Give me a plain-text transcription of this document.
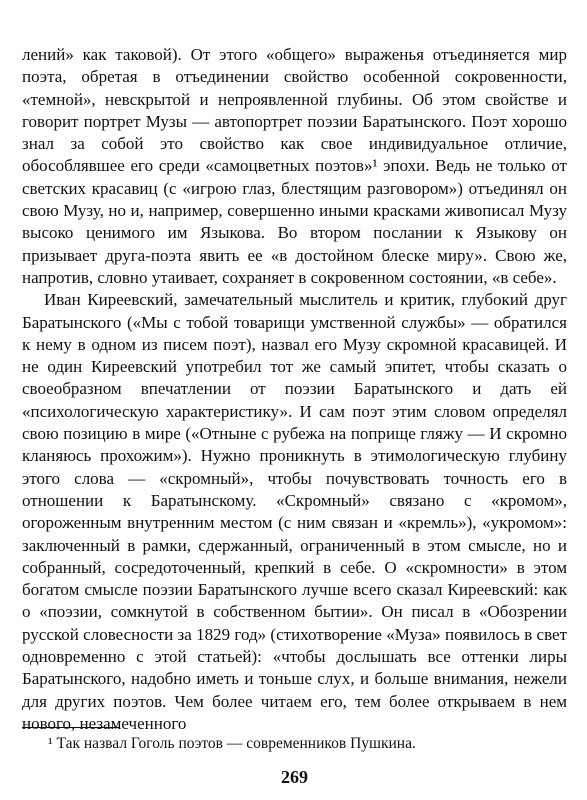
лений» как таковой). От этого «общего» выраженья отъединяется мир поэта, обретая в отъединении свойство особенной сокровенности, «темной», невскрытой и непроявленной глубины. Об этом свойстве и говорит портрет Музы — автопортрет поэзии Баратынского. Поэт хорошо знал за собой это свойство как свое индивидуальное отличие, обособлявшее его среди «самоцветных поэтов»¹ эпохи. Ведь не только от светских красавиц (с «игрою глаз, блестящим разговором») отъединял он свою Музу, но и, например, совершенно иными красками живописал Музу высоко ценимого им Языкова. Во втором послании к Языкову он призывает друга-поэта явить ее «в достойном блеске миру». Свою же, напротив, словно утаивает, сохраняет в сокровенном состоянии, «в себе».

Иван Киреевский, замечательный мыслитель и критик, глубокий друг Баратынского («Мы с тобой товарищи умственной службы» — обратился к нему в одном из писем поэт), назвал его Музу скромной красавицей. И не один Киреевский употребил тот же самый эпитет, чтобы сказать о своеобразном впечатлении от поэзии Баратынского и дать ей «психологическую характеристику». И сам поэт этим словом определял свою позицию в мире («Отныне с рубежа на поприще гляжу — И скромно кланяюсь прохожим»). Нужно проникнуть в этимологическую глубину этого слова — «скромный», чтобы почувствовать точность его в отношении к Баратынскому. «Скромный» связано с «кромом», огороженным внутренним местом (с ним связан и «кремль»), «укромом»: заключенный в рамки, сдержанный, ограниченный в этом смысле, но и собранный, сосредоточенный, крепкий в себе. О «скромности» в этом богатом смысле поэзии Баратынского лучше всего сказал Киреевский: как о «поэзии, сомкнутой в собственном бытии». Он писал в «Обозрении русской словесности за 1829 год» (стихотворение «Муза» появилось в свет одновременно с этой статьей): «чтобы дослышать все оттенки лиры Баратынского, надобно иметь и тоньше слух, и больше внимания, нежели для других поэтов. Чем более читаем его, тем более открываем в нем нового, незамеченного

¹ Так назвал Гоголь поэтов — современников Пушкина.

269
